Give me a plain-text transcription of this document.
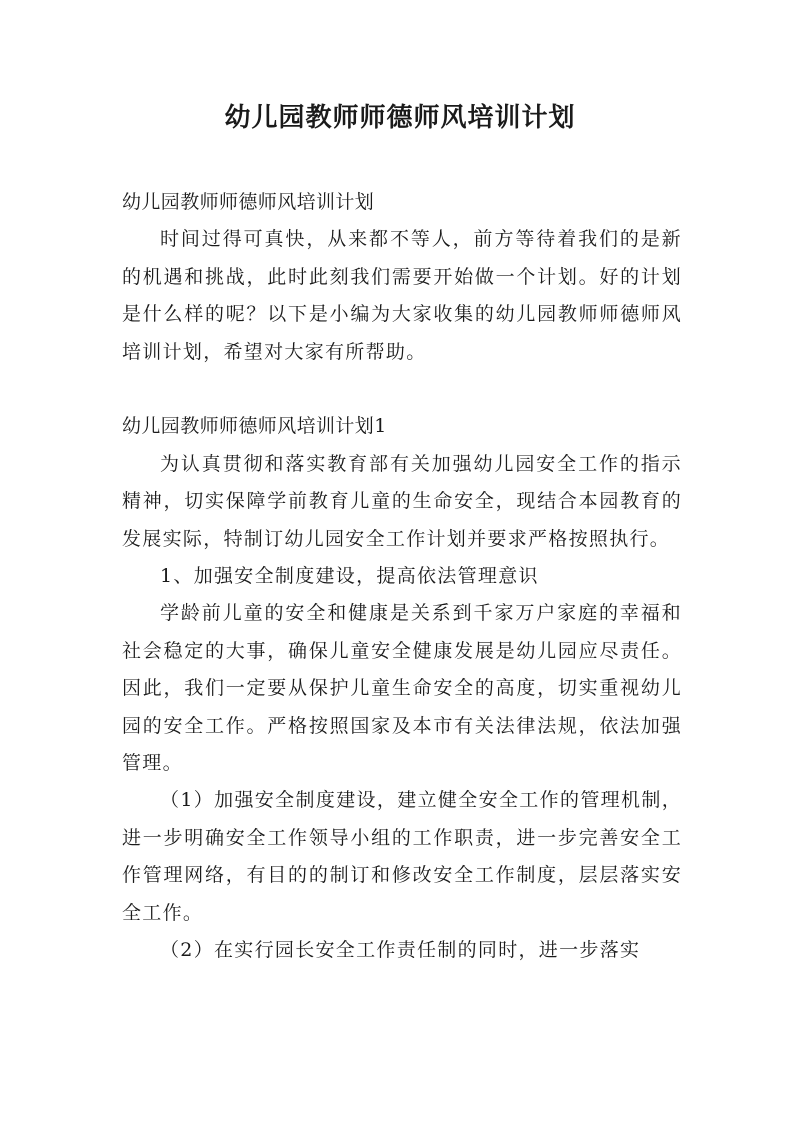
幼儿园教师师德师风培训计划

幼儿园教师师德师风培训计划

时间过得可真快，从来都不等人，前方等待着我们的是新的机遇和挑战，此时此刻我们需要开始做一个计划。好的计划是什么样的呢？以下是小编为大家收集的幼儿园教师师德师风培训计划，希望对大家有所帮助。

幼儿园教师师德师风培训计划1

为认真贯彻和落实教育部有关加强幼儿园安全工作的指示精神，切实保障学前教育儿童的生命安全，现结合本园教育的发展实际，特制订幼儿园安全工作计划并要求严格按照执行。

1、加强安全制度建设，提高依法管理意识

学龄前儿童的安全和健康是关系到千家万户家庭的幸福和社会稳定的大事，确保儿童安全健康发展是幼儿园应尽责任。因此，我们一定要从保护儿童生命安全的高度，切实重视幼儿园的安全工作。严格按照国家及本市有关法律法规，依法加强管理。

（1）加强安全制度建设，建立健全安全工作的管理机制，进一步明确安全工作领导小组的工作职责，进一步完善安全工作管理网络，有目的的制订和修改安全工作制度，层层落实安全工作。

（2）在实行园长安全工作责任制的同时，进一步落实
